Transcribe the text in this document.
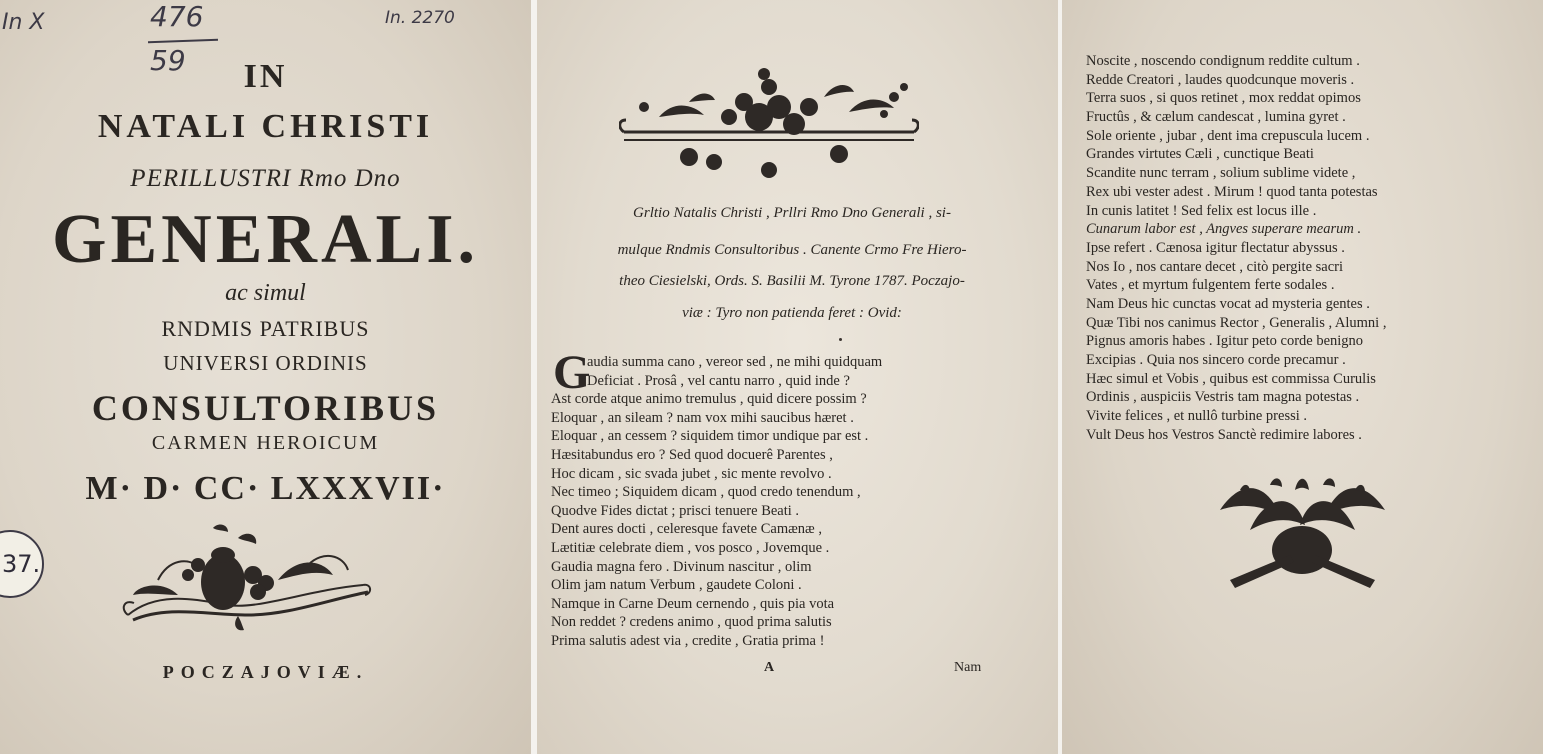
In X	476
59
In. 2270
IN
NATALI CHRISTI
PERILLUSTRI Rmo Dno
GENERALI.
ac simul
RNDMIS PATRIBUS
UNIVERSI ORDINIS
CONSULTORIBUS
CARMEN HEROICUM
M· D· CC· LXXXVII·
POCZAJOVIÆ.
37.
Grltio Natalis Christi , Prllri Rmo Dno Generali , si-
mulque Rndmis Consultoribus . Canente Crmo Fre Hiero-
theo Ciesielski, Ords. S. Basilii M. Tyrone 1787. Poczajo-
viæ : Tyro non patienda feret : Ovid:
G
audia summa cano , vereor sed , ne mihi quidquam
Deficiat . Prosâ , vel cantu narro , quid inde ?
Ast corde atque animo tremulus , quid dicere possim ?
Eloquar , an sileam ? nam vox mihi saucibus hæret .
Eloquar , an cessem ? siquidem timor undique par est .
Hæsitabundus ero ? Sed quod docuerê Parentes ,
Hoc dicam , sic svada jubet , sic mente revolvo .
Nec timeo ; Siquidem dicam , quod credo tenendum ,
Quodve Fides dictat ; prisci tenuere Beati .
Dent aures docti , celeresque favete Camænæ ,
Lætitiæ celebrate diem , vos posco , Jovemque .
Gaudia magna fero . Divinum nascitur , olim
Olim jam natum Verbum , gaudete Coloni .
Namque in Carne Deum cernendo , quis pia vota
Non reddet ? credens animo , quod prima salutis
Prima salutis adest via , credite , Gratia prima !
A	Nam
Noscite , noscendo condignum reddite cultum .
Redde Creatori , laudes quodcunque moveris .
Terra suos , si quos retinet , mox reddat opimos
Fructûs , & cælum candescat , lumina gyret .
Sole oriente , jubar , dent ima crepuscula lucem .
Grandes virtutes Cæli , cunctique Beati
Scandite nunc terram , solium sublime videte ,
Rex ubi vester adest . Mirum ! quod tanta potestas
In cunis latitet ! Sed felix est locus ille .
Cunarum labor est , Angves superare mearum .
Ipse refert . Cænosa igitur flectatur abyssus .
Nos Io , nos cantare decet , citò pergite sacri
Vates , et myrtum fulgentem ferte sodales .
Nam Deus hic cunctas vocat ad mysteria gentes .
Quæ Tibi nos canimus Rector , Generalis , Alumni ,
Pignus amoris habes . Igitur peto corde benigno
Excipias . Quia nos sincero corde precamur .
Hæc simul et Vobis , quibus est commissa Curulis
Ordinis , auspiciis Vestris tam magna potestas .
Vivite felices , et nullô turbine pressi .
Vult Deus hos Vestros Sanctè redimire labores .
